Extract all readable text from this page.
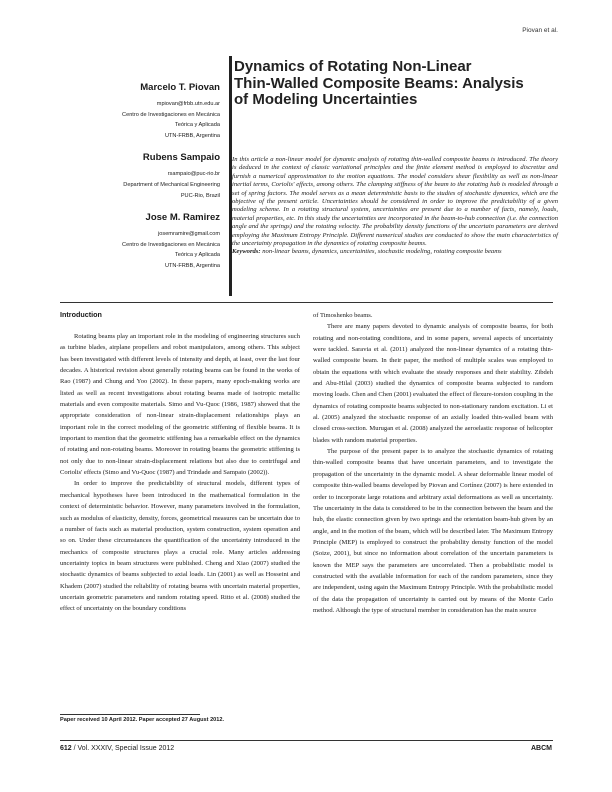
Piovan et al.
Marcelo T. Piovan
mpiovan@frbb.utn.edu.ar
Centro de Investigaciones en Mecánica
Teórica y Aplicada
UTN-FRBB, Argentina
Rubens Sampaio
rsampaio@puc-rio.br
Department of Mechanical Engineering
PUC-Rio, Brazil
Jose M. Ramirez
josemramire@gmail.com
Centro de Investigaciones en Mecánica
Teórica y Aplicada
UTN-FRBB, Argentina
Dynamics of Rotating Non-Linear
Thin-Walled Composite Beams: Analysis
of Modeling Uncertainties
In this article a non-linear model for dynamic analysis of rotating thin-walled composite beams is introduced. The theory is deduced in the context of classic variational principles and the finite element method is employed to discretize and furnish a numerical approximation to the motion equations. The model considers shear flexibility as well as non-linear inertial terms, Coriolis' effects, among others. The clamping stiffness of the beam to the rotating hub is modeled through a set of spring factors. The model serves as a mean deterministic basis to the studies of stochastic dynamics, which are the objective of the present article. Uncertainties should be considered in order to improve the predictability of a given modeling scheme. In a rotating structural system, uncertainties are present due to a number of facts, namely, loads, material properties, etc. In this study the uncertainties are incorporated in the beam-to-hub connection (i.e. the connection angle and the springs) and the rotating velocity. The probability density functions of the uncertain parameters are derived employing the Maximum Entropy Principle. Different numerical studies are conducted to show the main characteristics of the uncertainty propagation in the dynamics of rotating composite beams.
Keywords: non-linear beams, dynamics, uncertainties, stochastic modeling, rotating composite beams
Introduction

Rotating beams play an important role in the modeling of engineering structures such as turbine blades, airplane propellers and robot manipulators, among others. This subject has been investigated with different levels of intensity and depth, at least, over the last four decades. A historical revision about generally rotating beams can be found in the works of Rao (1987) and Chung and Yoo (2002). In these papers, many epoch-making works are listed as well as recent investigations about rotating beams made of isotropic metallic materials and even composite materials. Simo and Vu-Quoc (1986, 1987) showed that the appropriate consideration of non-linear strain-displacement relationships plays an important role in the correct modeling of the geometric stiffening of flexible beams. It is important to mention that the geometric stiffening has a remarkable effect on the dynamics of rotating and non-rotating beams. Moreover in rotating beams the geometric stiffening is not only due to non-linear strain-displacement relations but also due to centrifugal and Coriolis' effects (Simo and Vu-Quoc (1987) and Trindade and Sampaio (2002)).

In order to improve the predictability of structural models, different types of mechanical hypotheses have been introduced in the mathematical formulation in the context of deterministic behavior. However, many parameters involved in the formulation, such as modulus of elasticity, density, forces, geometrical measures can be uncertain due to a number of facts such as material production, system construction, system operation and so on. Under these circumstances the quantification of the uncertainty introduced in the mechanics of composite structures plays a crucial role. Many articles addressing uncertainty topics in beam structures were published. Cheng and Xiao (2007) studied the stochastic dynamics of beams subjected to axial loads. Lin (2001) as well as Hosseini and Khadem (2007) studied the reliability of rotating beams with uncertain material properties, uncertain geometric parameters and random rotating speed. Ritto et al. (2008) studied the effect of uncertainty on the boundary conditions

of Timoshenko beams.

There are many papers devoted to dynamic analysis of composite beams, for both rotating and non-rotating conditions, and in some papers, several aspects of uncertainty were tackled. Saravia et al. (2011) analyzed the non-linear dynamics of a rotating thin-walled composite beam. In their paper, the method of multiple scales was employed to obtain the equations with which evaluate the steady responses and their stability. Zibdeh and Abu-Hilal (2003) studied the dynamics of composite beams subjected to random moving loads. Chen and Chen (2001) evaluated the effect of flexure-torsion coupling in the dynamics of rotating composite beams subjected to non-stationary random excitation. Li et al. (2005) analyzed the stochastic response of an axially loaded thin-walled beam with closed cross-section. Murugan et al. (2008) analyzed the aeroelastic response of helicopter blades with random material properties.

The purpose of the present paper is to analyze the stochastic dynamics of rotating thin-walled composite beams that have uncertain parameters, and to investigate the propagation of the uncertainty in the dynamic model. A shear deformable linear model of composite thin-walled beams developed by Piovan and Cortínez (2007) is here extended in order to incorporate large rotations and arbitrary axial deformations as well as uncertainty. The uncertainty in the data is considered to be in the connection between the beam and the hub, the elastic connection given by two springs and the orientation beam-hub given by an angle, and in the motion of the beam, which will be described later. The Maximum Entropy Principle (MEP) is employed to construct the probability density function of the model (Soize, 2001), but since no information about correlation of the uncertain parameters is known the MEP says the parameters are uncorrelated. Then a probabilistic model is constructed with the available information for each of the random parameters, since they are independent, using again the Maximum Entropy Principle. With the probabilistic model of the data the propagation of uncertainty is carried out by means of the Monte Carlo method. Although the type of structural member in consideration has the main source

Paper received 10 April 2012. Paper accepted 27 August 2012.
612 / Vol. XXXIV, Special Issue 2012	ABCM
